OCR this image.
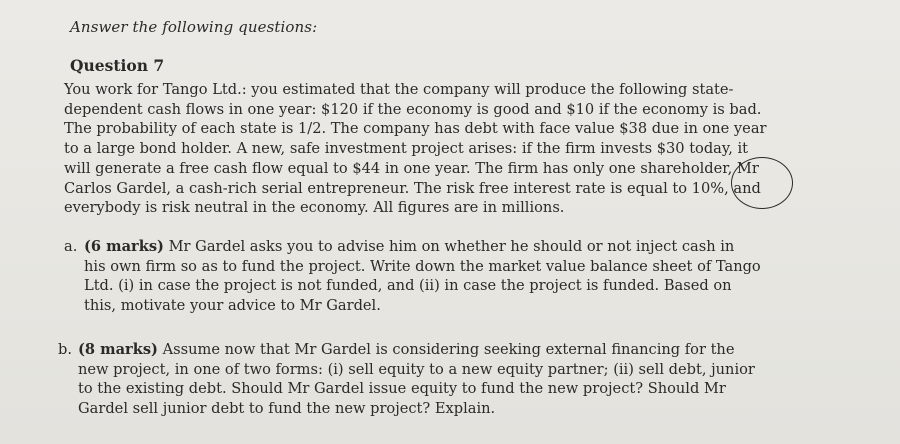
Answer the following questions:
Question 7
You work for Tango Ltd.: you estimated that the company will produce the following state-
dependent cash flows in one year: $120 if the economy is good and $10 if the economy is bad.
The probability of each state is 1/2. The company has debt with face value $38 due in one year
to a large bond holder. A new, safe investment project arises: if the firm invests $30 today, it
will generate a free cash flow equal to $44 in one year. The firm has only one shareholder, Mr
Carlos Gardel, a cash-rich serial entrepreneur. The risk free interest rate is equal to 10%, and
everybody is risk neutral in the economy. All figures are in millions.
a. (6 marks) Mr Gardel asks you to advise him on whether he should or not inject cash in
his own firm so as to fund the project. Write down the market value balance sheet of Tango
Ltd. (i) in case the project is not funded, and (ii) in case the project is funded. Based on
this, motivate your advice to Mr Gardel.
b. (8 marks) Assume now that Mr Gardel is considering seeking external financing for the
new project, in one of two forms: (i) sell equity to a new equity partner; (ii) sell debt, junior
to the existing debt. Should Mr Gardel issue equity to fund the new project? Should Mr
Gardel sell junior debt to fund the new project? Explain.
